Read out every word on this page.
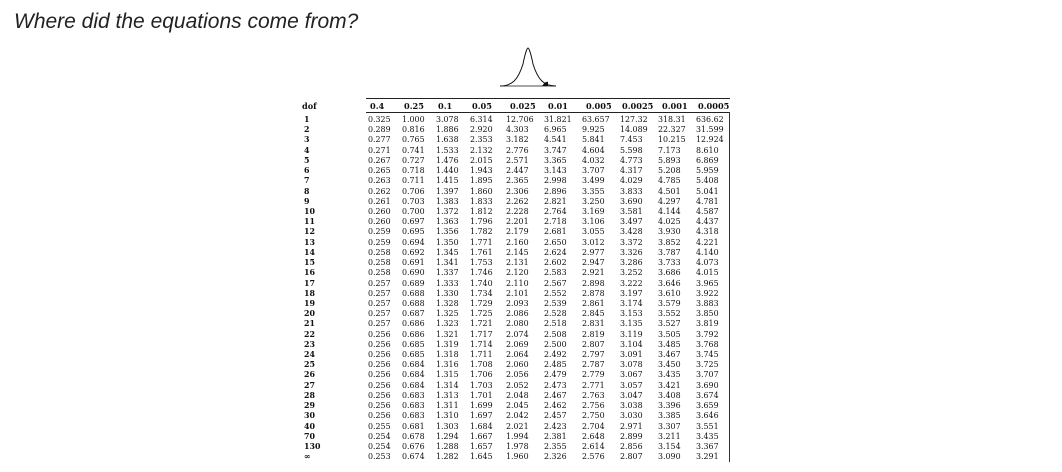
Where did the equations come from?
dof	0.4 0.25 0.1 0.05 0.025 0.01 0.005 0.0025 0.001 0.0005
1
2
3
4
5
6
7
8
9
10
11
12
13
14
15
16
17
18
19
20
21
22
23
24
25
26
27
28
29
30
40
70
130
∞
0.325
0.289
0.277
0.271
0.267
0.265
0.263
0.262
0.261
0.260
0.260
0.259
0.259
0.258
0.258
0.258
0.257
0.257
0.257
0.257
0.257
0.256
0.256
0.256
0.256
0.256
0.256
0.256
0.256
0.256
0.255
0.254
0.254
0.253
1.000
0.816
0.765
0.741
0.727
0.718
0.711
0.706
0.703
0.700
0.697
0.695
0.694
0.692
0.691
0.690
0.689
0.688
0.688
0.687
0.686
0.686
0.685
0.685
0.684
0.684
0.684
0.683
0.683
0.683
0.681
0.678
0.676
0.674
3.078
1.886
1.638
1.533
1.476
1.440
1.415
1.397
1.383
1.372
1.363
1.356
1.350
1.345
1.341
1.337
1.333
1.330
1.328
1.325
1.323
1.321
1.319
1.318
1.316
1.315
1.314
1.313
1.311
1.310
1.303
1.294
1.288
1.282
6.314
2.920
2.353
2.132
2.015
1.943
1.895
1.860
1.833
1.812
1.796
1.782
1.771
1.761
1.753
1.746
1.740
1.734
1.729
1.725
1.721
1.717
1.714
1.711
1.708
1.706
1.703
1.701
1.699
1.697
1.684
1.667
1.657
1.645
12.706
4.303
3.182
2.776
2.571
2.447
2.365
2.306
2.262
2.228
2.201
2.179
2.160
2.145
2.131
2.120
2.110
2.101
2.093
2.086
2.080
2.074
2.069
2.064
2.060
2.056
2.052
2.048
2.045
2.042
2.021
1.994
1.978
1.960
31.821
6.965
4.541
3.747
3.365
3.143
2.998
2.896
2.821
2.764
2.718
2.681
2.650
2.624
2.602
2.583
2.567
2.552
2.539
2.528
2.518
2.508
2.500
2.492
2.485
2.479
2.473
2.467
2.462
2.457
2.423
2.381
2.355
2.326
63.657
9.925
5.841
4.604
4.032
3.707
3.499
3.355
3.250
3.169
3.106
3.055
3.012
2.977
2.947
2.921
2.898
2.878
2.861
2.845
2.831
2.819
2.807
2.797
2.787
2.779
2.771
2.763
2.756
2.750
2.704
2.648
2.614
2.576
127.32
14.089
7.453
5.598
4.773
4.317
4.029
3.833
3.690
3.581
3.497
3.428
3.372
3.326
3.286
3.252
3.222
3.197
3.174
3.153
3.135
3.119
3.104
3.091
3.078
3.067
3.057
3.047
3.038
3.030
2.971
2.899
2.856
2.807
318.31
22.327
10.215
7.173
5.893
5.208
4.785
4.501
4.297
4.144
4.025
3.930
3.852
3.787
3.733
3.686
3.646
3.610
3.579
3.552
3.527
3.505
3.485
3.467
3.450
3.435
3.421
3.408
3.396
3.385
3.307
3.211
3.154
3.090
636.62
31.599
12.924
8.610
6.869
5.959
5.408
5.041
4.781
4.587
4.437
4.318
4.221
4.140
4.073
4.015
3.965
3.922
3.883
3.850
3.819
3.792
3.768
3.745
3.725
3.707
3.690
3.674
3.659
3.646
3.551
3.435
3.367
3.291
